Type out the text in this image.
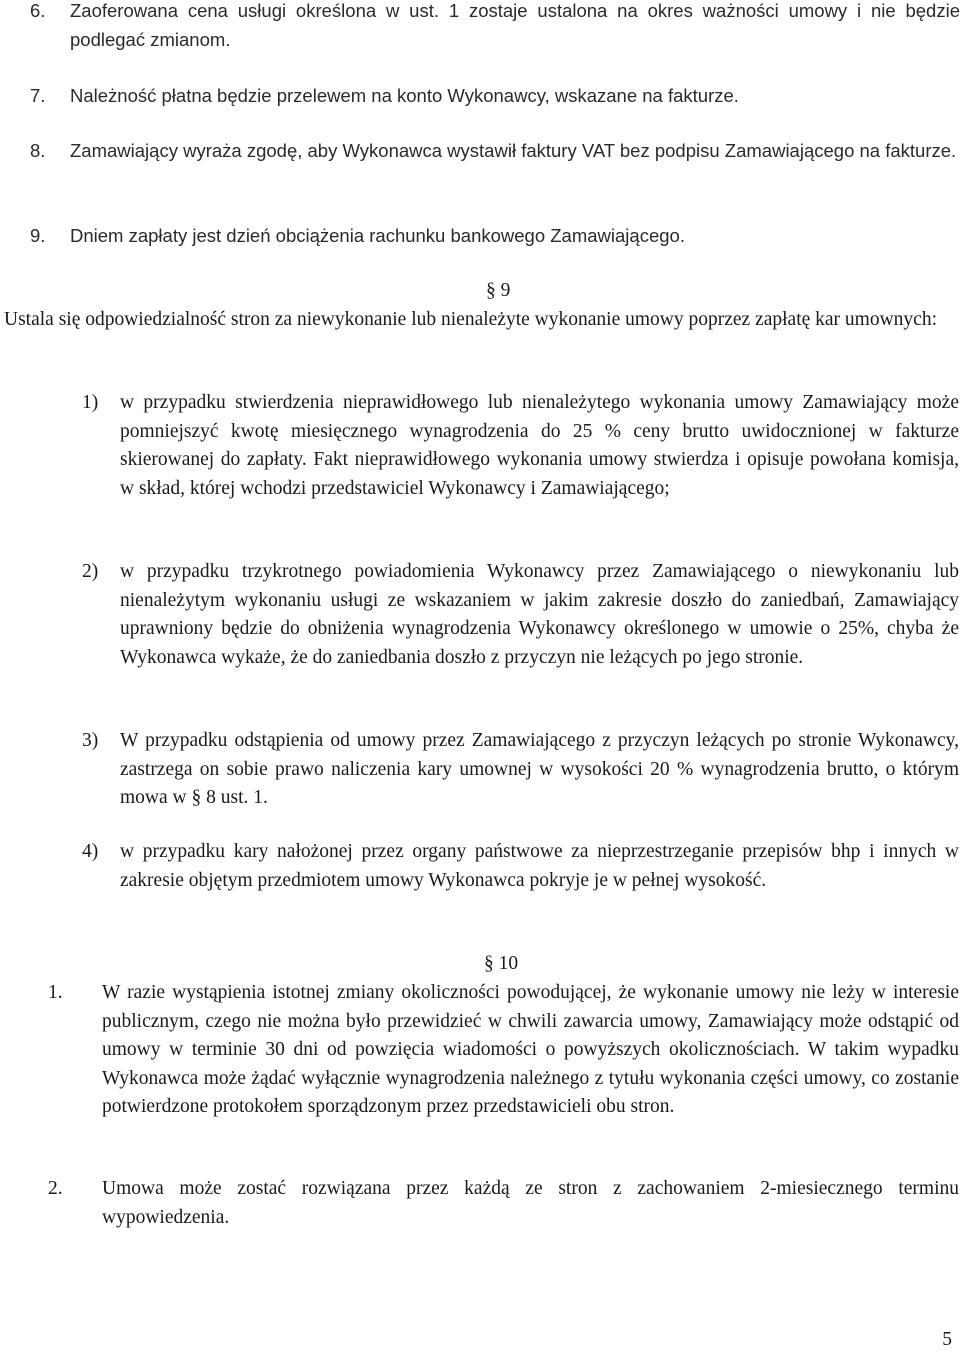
6. Zaoferowana cena usługi określona w ust. 1 zostaje ustalona na okres ważności umowy i nie będzie podlegać zmianom.
7. Należność płatna będzie przelewem na konto Wykonawcy, wskazane na fakturze.
8. Zamawiający wyraża zgodę, aby Wykonawca wystawił faktury VAT bez podpisu Zamawiającego na fakturze.
9. Dniem zapłaty jest dzień obciążenia rachunku bankowego Zamawiającego.
§ 9
Ustala się odpowiedzialność stron za niewykonanie lub nienależyte wykonanie umowy poprzez zapłatę kar umownych:
1) w przypadku stwierdzenia nieprawidłowego lub nienależytego wykonania umowy Zamawiający może pomniejszyć kwotę miesięcznego wynagrodzenia do 25 % ceny brutto uwidocznionej w fakturze skierowanej do zapłaty. Fakt nieprawidłowego wykonania umowy stwierdza i opisuje powołana komisja, w skład, której wchodzi przedstawiciel Wykonawcy i Zamawiającego;
2) w przypadku trzykrotnego powiadomienia Wykonawcy przez Zamawiającego o niewykonaniu lub nienależytym wykonaniu usługi ze wskazaniem w jakim zakresie doszło do zaniedbań, Zamawiający uprawniony będzie do obniżenia wynagrodzenia Wykonawcy określonego w umowie o 25%, chyba że Wykonawca wykaże, że do zaniedbania doszło z przyczyn nie leżących po jego stronie.
3) W przypadku odstąpienia od umowy przez Zamawiającego z przyczyn leżących po stronie Wykonawcy, zastrzega on sobie prawo naliczenia kary umownej w wysokości 20 % wynagrodzenia brutto, o którym mowa w § 8 ust. 1.
4) w przypadku kary nałożonej przez organy państwowe za nieprzestrzeganie przepisów bhp i innych w zakresie objętym przedmiotem umowy Wykonawca pokryje je w pełnej wysokość.
§ 10
1. W razie wystąpienia istotnej zmiany okoliczności powodującej, że wykonanie umowy nie leży w interesie publicznym, czego nie można było przewidzieć w chwili zawarcia umowy, Zamawiający może odstąpić od umowy w terminie 30 dni od powzięcia wiadomości o powyższych okolicznościach. W takim wypadku Wykonawca może żądać wyłącznie wynagrodzenia należnego z tytułu wykonania części umowy, co zostanie potwierdzone protokołem sporządzonym przez przedstawicieli obu stron.
2. Umowa może zostać rozwiązana przez każdą ze stron z zachowaniem 2-miesiecznego terminu wypowiedzenia.
5
